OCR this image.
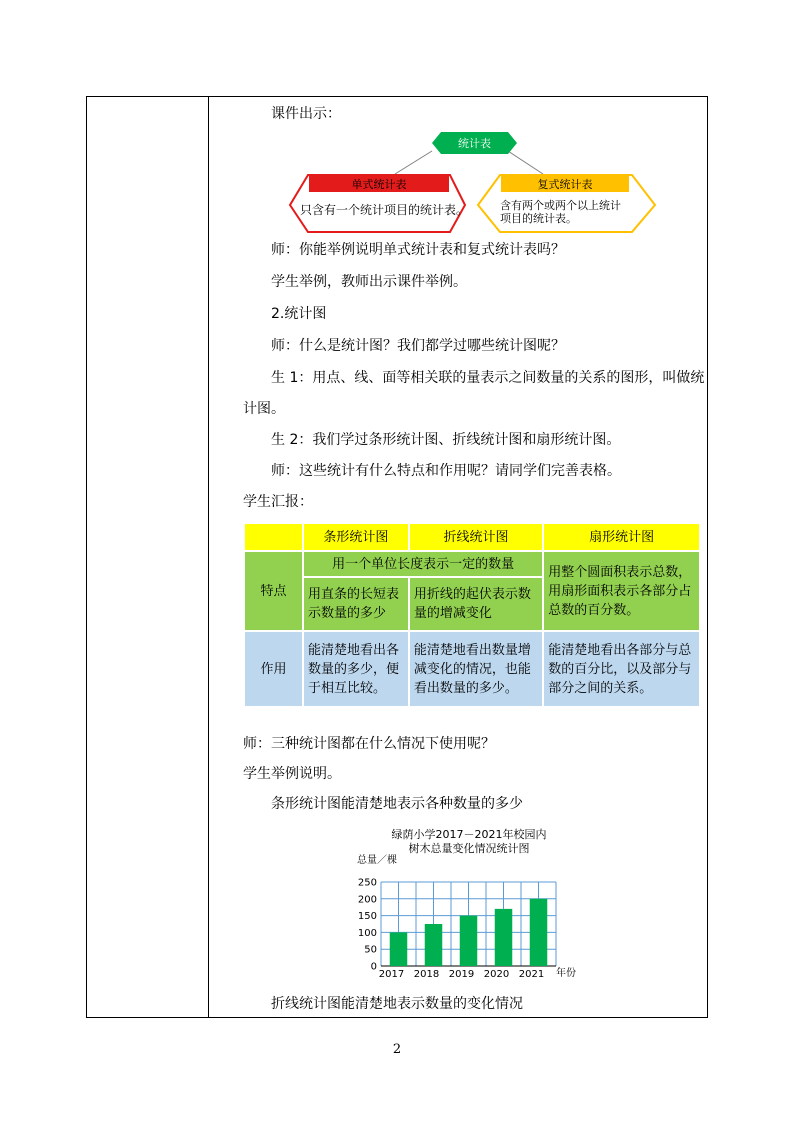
课件出示：
统计表
单式统计表
只含有一个统计项目的统计表。
复式统计表
含有两个或两个以上统计
项目的统计表。
师：你能举例说明单式统计表和复式统计表吗？
学生举例，教师出示课件举例。
2.统计图
师：什么是统计图？我们都学过哪些统计图呢？
生 1：用点、线、面等相关联的量表示之间数量的关系的图形，叫做统
计图。
生 2：我们学过条形统计图、折线统计图和扇形统计图。
师：这些统计有什么特点和作用呢？请同学们完善表格。
学生汇报：
	条形统计图	折线统计图	扇形统计图
特点	用一个单位长度表示一定的数量		用整个圆面积表示总数，用扇形面积表示各部分占总数的百分数。
	用直条的长短表示数量的多少	用折线的起伏表示数量的增减变化	
作用	能清楚地看出各数量的多少，便于相互比较。	能清楚地看出数量增减变化的情况，也能看出数量的多少。	能清楚地看出各部分与总数的百分比，以及部分与部分之间的关系。
师：三种统计图都在什么情况下使用呢？
学生举例说明。
条形统计图能清楚地表示各种数量的多少
绿荫小学2017－2021年校园内
树木总量变化情况统计图
总量／棵
年份
0
50
100
150
200
250
2017 2018 2019 2020 2021
折线统计图能清楚地表示数量的变化情况
2
